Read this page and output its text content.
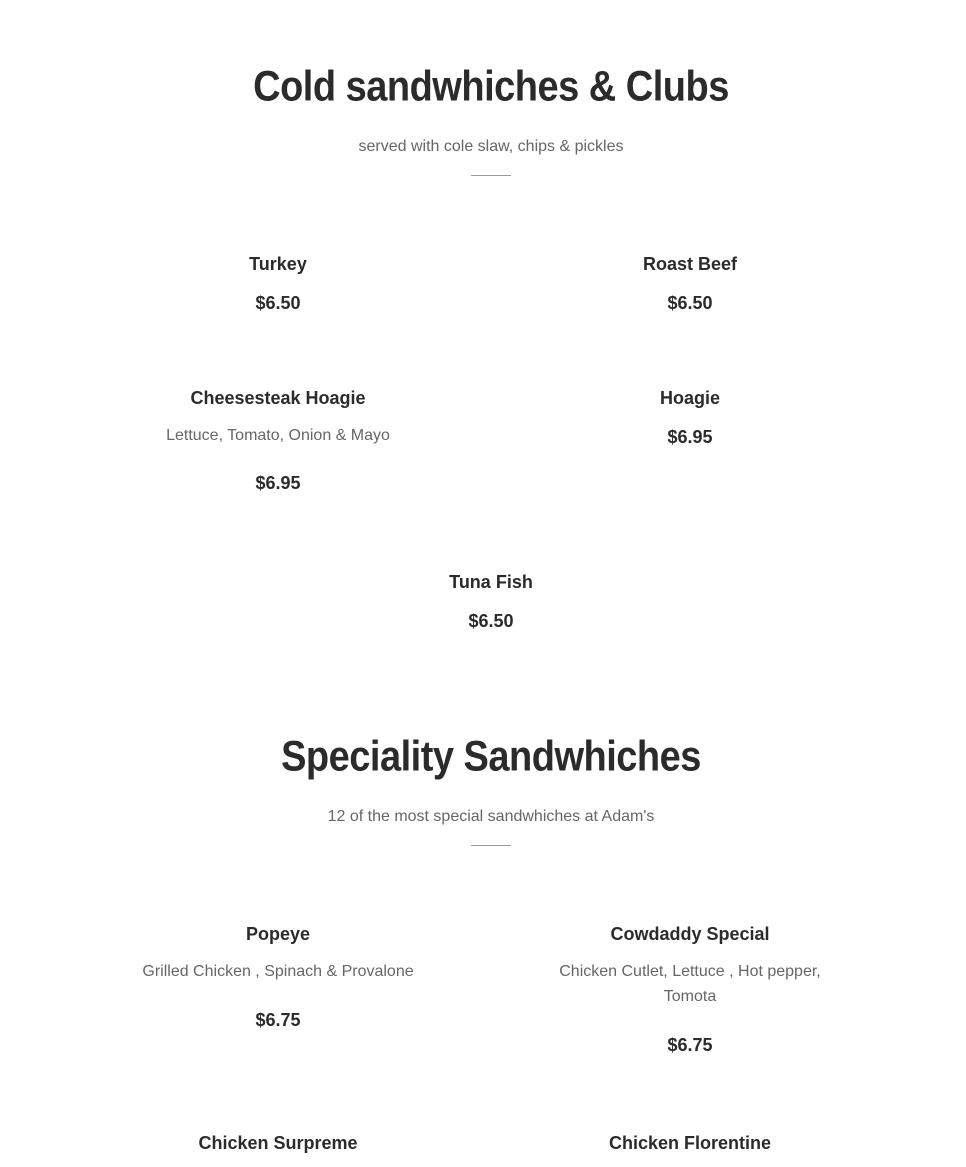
Cold sandwhiches & Clubs

served with cole slaw, chips & pickles

Turkey

$6.50

Roast Beef

$6.50

Cheesesteak Hoagie

Lettuce, Tomato, Onion & Mayo

$6.95

Hoagie

$6.95

Tuna Fish

$6.50

Speciality Sandwhiches

12 of the most special sandwhiches at Adam's

Popeye

Grilled Chicken , Spinach & Provalone

$6.75

Cowdaddy Special

Chicken Cutlet, Lettuce , Hot pepper, Tomota

$6.75

Chicken Surpreme	Chicken Florentine
